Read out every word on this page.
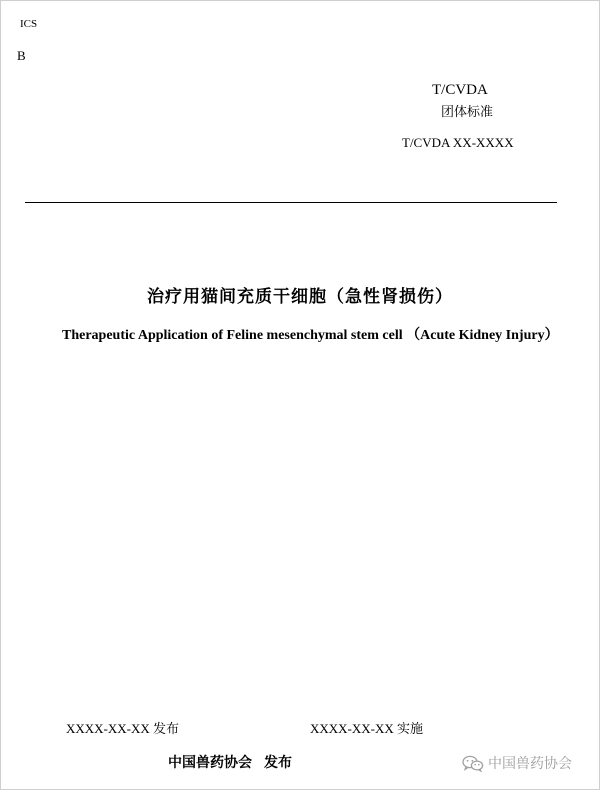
ICS
B
T/CVDA
团体标准
T/CVDA XX-XXXX
治疗用猫间充质干细胞（急性肾损伤）
Therapeutic Application of Feline mesenchymal stem cell （Acute Kidney Injury）
XXXX-XX-XX 发布	XXXX-XX-XX 实施
中国兽药协会 发布	中国兽药协会
